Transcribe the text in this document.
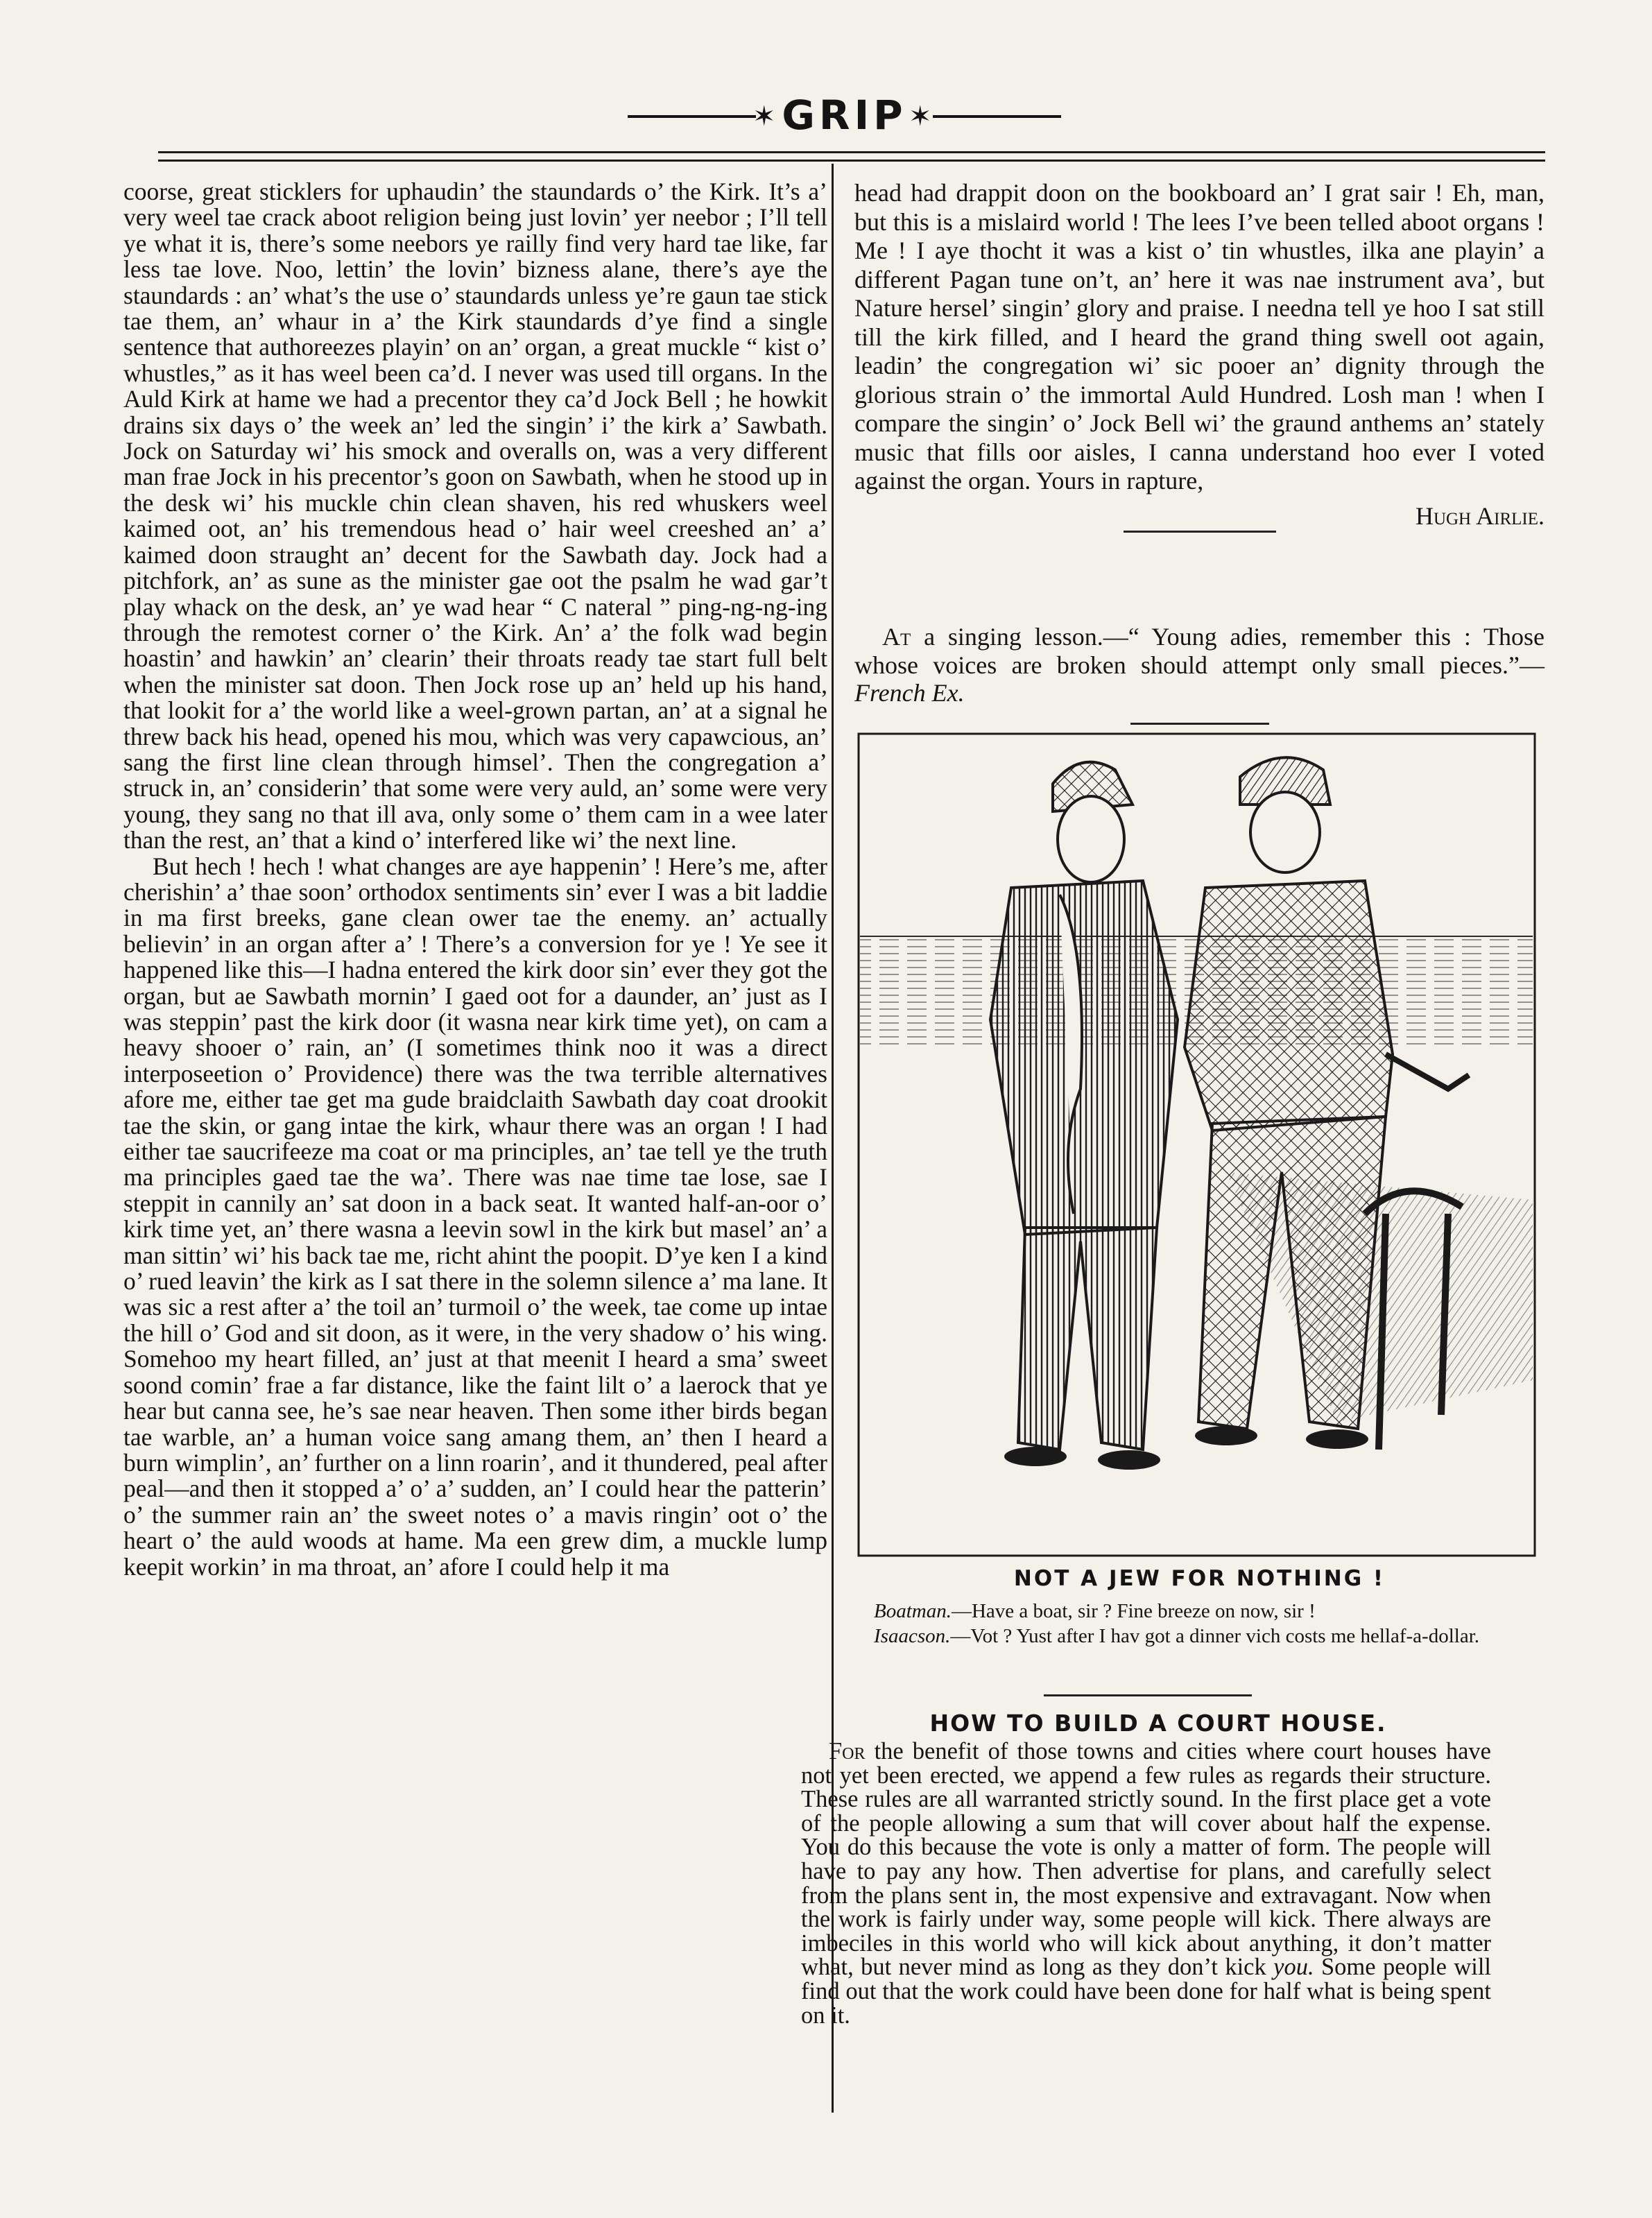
✶ GRIP ✶

coorse, great sticklers for uphaudin’ the staundards o’ the Kirk. It’s a’ very weel tae crack aboot religion being just lovin’ yer neebor ; I’ll tell ye what it is, there’s some neebors ye railly find very hard tae like, far less tae love. Noo, lettin’ the lovin’ bizness alane, there’s aye the staundards : an’ what’s the use o’ staundards unless ye’re gaun tae stick tae them, an’ whaur in a’ the Kirk staundards d’ye find a single sentence that authoreezes playin’ on an’ organ, a great muckle “ kist o’ whustles,” as it has weel been ca’d. I never was used till organs. In the Auld Kirk at hame we had a precentor they ca’d Jock Bell ; he howkit drains six days o’ the week an’ led the singin’ i’ the kirk a’ Sawbath. Jock on Saturday wi’ his smock and overalls on, was a very different man frae Jock in his precentor’s goon on Sawbath, when he stood up in the desk wi’ his muckle chin clean shaven, his red whuskers weel kaimed oot, an’ his tremendous head o’ hair weel creeshed an’ a’ kaimed doon straught an’ decent for the Sawbath day. Jock had a pitchfork, an’ as sune as the minister gae oot the psalm he wad gar’t play whack on the desk, an’ ye wad hear “ C nateral ” ping-ng-ng-ing through the remotest corner o’ the Kirk. An’ a’ the folk wad begin hoastin’ and hawkin’ an’ clearin’ their throats ready tae start full belt when the minister sat doon. Then Jock rose up an’ held up his hand, that lookit for a’ the world like a weel-grown partan, an’ at a signal he threw back his head, opened his mou, which was very capawcious, an’ sang the first line clean through himsel’. Then the congregation a’ struck in, an’ considerin’ that some were very auld, an’ some were very young, they sang no that ill ava, only some o’ them cam in a wee later than the rest, an’ that a kind o’ interfered like wi’ the next line.

But hech ! hech ! what changes are aye happenin’ ! Here’s me, after cherishin’ a’ thae soon’ orthodox sentiments sin’ ever I was a bit laddie in ma first breeks, gane clean ower tae the enemy. an’ actually believin’ in an organ after a’ ! There’s a conversion for ye ! Ye see it happened like this—I hadna entered the kirk door sin’ ever they got the organ, but ae Sawbath mornin’ I gaed oot for a daunder, an’ just as I was steppin’ past the kirk door (it wasna near kirk time yet), on cam a heavy shooer o’ rain, an’ (I sometimes think noo it was a direct interposeetion o’ Providence) there was the twa terrible alternatives afore me, either tae get ma gude braidclaith Sawbath day coat drookit tae the skin, or gang intae the kirk, whaur there was an organ ! I had either tae saucrifeeze ma coat or ma principles, an’ tae tell ye the truth ma principles gaed tae the wa’. There was nae time tae lose, sae I steppit in cannily an’ sat doon in a back seat. It wanted half-an-oor o’ kirk time yet, an’ there wasna a leevin sowl in the kirk but masel’ an’ a man sittin’ wi’ his back tae me, richt ahint the poopit. D’ye ken I a kind o’ rued leavin’ the kirk as I sat there in the solemn silence a’ ma lane. It was sic a rest after a’ the toil an’ turmoil o’ the week, tae come up intae the hill o’ God and sit doon, as it were, in the very shadow o’ his wing. Somehoo my heart filled, an’ just at that meenit I heard a sma’ sweet soond comin’ frae a far distance, like the faint lilt o’ a laerock that ye hear but canna see, he’s sae near heaven. Then some ither birds began tae warble, an’ a human voice sang amang them, an’ then I heard a burn wimplin’, an’ further on a linn roarin’, and it thundered, peal after peal—and then it stopped a’ o’ a’ sudden, an’ I could hear the patterin’ o’ the summer rain an’ the sweet notes o’ a mavis ringin’ oot o’ the heart o’ the auld woods at hame. Ma een grew dim, a muckle lump keepit workin’ in ma throat, an’ afore I could help it ma

head had drappit doon on the bookboard an’ I grat sair ! Eh, man, but this is a mislaird world ! The lees I’ve been telled aboot organs ! Me ! I aye thocht it was a kist o’ tin whustles, ilka ane playin’ a different Pagan tune on’t, an’ here it was nae instrument ava’, but Nature hersel’ singin’ glory and praise. I needna tell ye hoo I sat still till the kirk filled, and I heard the grand thing swell oot again, leadin’ the congregation wi’ sic pooer an’ dignity through the glorious strain o’ the immortal Auld Hundred. Losh man ! when I compare the singin’ o’ Jock Bell wi’ the graund anthems an’ stately music that fills oor aisles, I canna understand hoo ever I voted against the organ. Yours in rapture,

Hugh Airlie.

At a singing lesson.—“ Young adies, remember this : Those whose voices are broken should attempt only small pieces.”—French Ex.

NOT A JEW FOR NOTHING !

Boatman.—Have a boat, sir ? Fine breeze on now, sir !

Isaacson.—Vot ? Yust after I hav got a dinner vich costs me hellaf-a-dollar.

HOW TO BUILD A COURT HOUSE.

For the benefit of those towns and cities where court houses have not yet been erected, we append a few rules as regards their structure. These rules are all warranted strictly sound. In the first place get a vote of the people allowing a sum that will cover about half the expense. You do this because the vote is only a matter of form. The people will have to pay any how. Then advertise for plans, and carefully select from the plans sent in, the most expensive and extravagant. Now when the work is fairly under way, some people will kick. There always are imbeciles in this world who will kick about anything, it don’t matter what, but never mind as long as they don’t kick you. Some people will find out that the work could have been done for half what is being spent on it.
